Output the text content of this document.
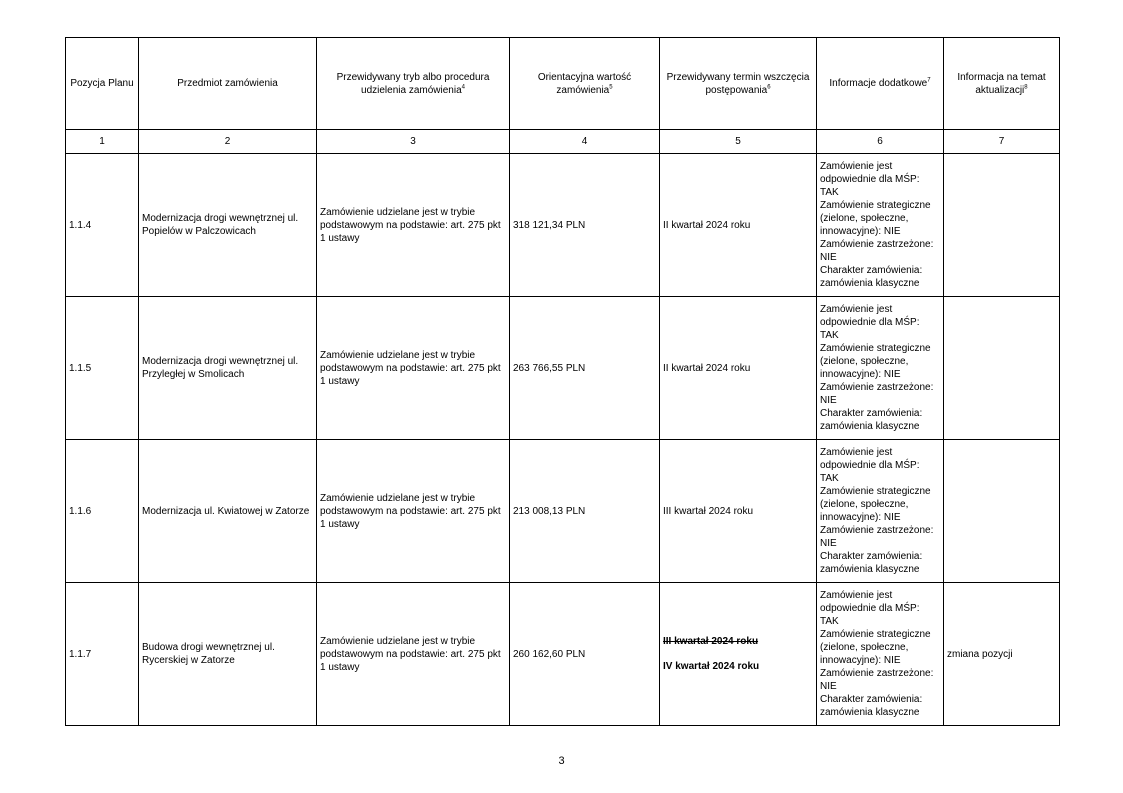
Pozycja Planu	Przedmiot zamówienia	Przewidywany tryb albo procedura udzielenia zamówienia$^4$	Orientacyjna wartość zamówienia$^5$	Przewidywany termin wszczęcia postępowania$^6$	Informacje dodatkowe$^7$	Informacja na temat aktualizacji$^8$
1	2	3	4	5	6	7
1.1.4	Modernizacja drogi wewnętrznej ul. Popielów w Palczowicach	Zamówienie udzielane jest w trybie podstawowym na podstawie: art. 275 pkt 1 ustawy	318 121,34 PLN	II kwartał 2024 roku	Zamówienie jest odpowiednie dla MŚP: TAK
Zamówienie strategiczne (zielone, społeczne, innowacyjne): NIE
Zamówienie zastrzeżone: NIE
Charakter zamówienia: zamówienia klasyczne	

1.1.5	Modernizacja drogi wewnętrznej ul. Przyległej w Smolicach	Zamówienie udzielane jest w trybie podstawowym na podstawie: art. 275 pkt 1 ustawy	263 766,55 PLN	II kwartał 2024 roku	Zamówienie jest odpowiednie dla MŚP: TAK
Zamówienie strategiczne (zielone, społeczne, innowacyjne): NIE
Zamówienie zastrzeżone: NIE
Charakter zamówienia: zamówienia klasyczne	

1.1.6	Modernizacja ul. Kwiatowej w Zatorze	Zamówienie udzielane jest w trybie podstawowym na podstawie: art. 275 pkt 1 ustawy	213 008,13 PLN	III kwartał 2024 roku	Zamówienie jest odpowiednie dla MŚP: TAK
Zamówienie strategiczne (zielone, społeczne, innowacyjne): NIE
Zamówienie zastrzeżone: NIE
Charakter zamówienia: zamówienia klasyczne	

1.1.7	Budowa drogi wewnętrznej ul. Rycerskiej w Zatorze	Zamówienie udzielane jest w trybie podstawowym na podstawie: art. 275 pkt 1 ustawy	260 162,60 PLN	III kwartał 2024 roku
IV kwartał 2024 roku	Zamówienie jest odpowiednie dla MŚP: TAK
Zamówienie strategiczne (zielone, społeczne, innowacyjne): NIE
Zamówienie zastrzeżone: NIE
Charakter zamówienia: zamówienia klasyczne	zmiana pozycji
3
